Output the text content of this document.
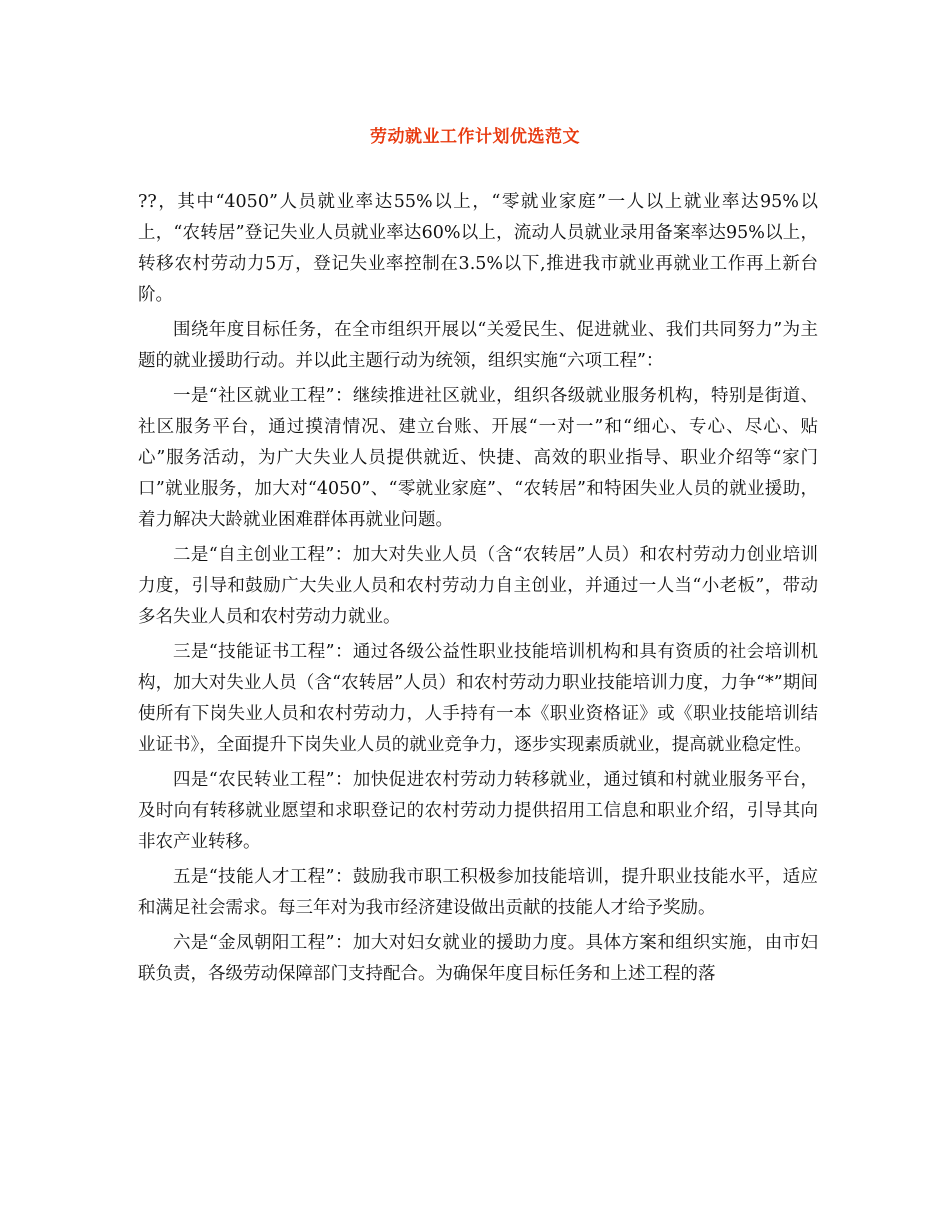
劳动就业工作计划优选范文

??，其中“4050”人员就业率达55%以上，“零就业家庭”一人以上就业率达95%以上，“农转居”登记失业人员就业率达60%以上，流动人员就业录用备案率达95%以上，转移农村劳动力5万，登记失业率控制在3.5%以下,推进我市就业再就业工作再上新台阶。

围绕年度目标任务，在全市组织开展以“关爱民生、促进就业、我们共同努力”为主题的就业援助行动。并以此主题行动为统领，组织实施“六项工程”：

一是“社区就业工程”：继续推进社区就业，组织各级就业服务机构，特别是街道、社区服务平台，通过摸清情况、建立台账、开展“一对一”和“细心、专心、尽心、贴心”服务活动，为广大失业人员提供就近、快捷、高效的职业指导、职业介绍等“家门口”就业服务，加大对“4050”、“零就业家庭”、“农转居”和特困失业人员的就业援助，着力解决大龄就业困难群体再就业问题。

二是“自主创业工程”：加大对失业人员（含“农转居”人员）和农村劳动力创业培训力度，引导和鼓励广大失业人员和农村劳动力自主创业，并通过一人当“小老板”，带动多名失业人员和农村劳动力就业。

三是“技能证书工程”：通过各级公益性职业技能培训机构和具有资质的社会培训机构，加大对失业人员（含“农转居”人员）和农村劳动力职业技能培训力度，力争“*”期间使所有下岗失业人员和农村劳动力，人手持有一本《职业资格证》或《职业技能培训结业证书》，全面提升下岗失业人员的就业竞争力，逐步实现素质就业，提高就业稳定性。

四是“农民转业工程”：加快促进农村劳动力转移就业，通过镇和村就业服务平台，及时向有转移就业愿望和求职登记的农村劳动力提供招用工信息和职业介绍，引导其向非农产业转移。

五是“技能人才工程”：鼓励我市职工积极参加技能培训，提升职业技能水平，适应和满足社会需求。每三年对为我市经济建设做出贡献的技能人才给予奖励。

六是“金凤朝阳工程”：加大对妇女就业的援助力度。具体方案和组织实施，由市妇联负责，各级劳动保障部门支持配合。为确保年度目标任务和上述工程的落
